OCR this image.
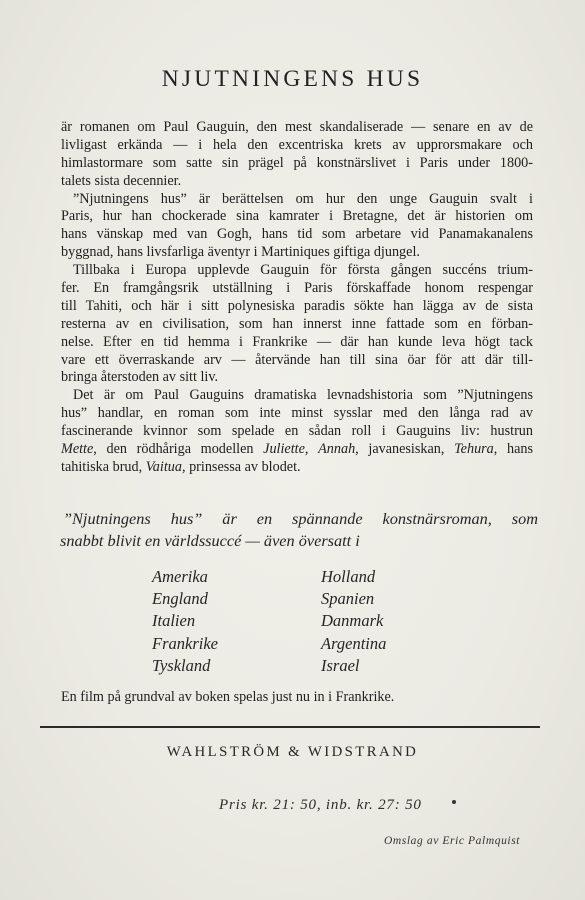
NJUTNINGENS HUS
är romanen om Paul Gauguin, den mest skandaliserade — senare en av de
livligast erkända — i hela den excentriska krets av upprorsmakare och
himlastormare som satte sin prägel på konstnärslivet i Paris under 1800-
talets sista decennier.
”Njutningens hus” är berättelsen om hur den unge Gauguin svalt i
Paris, hur han chockerade sina kamrater i Bretagne, det är historien om
hans vänskap med van Gogh, hans tid som arbetare vid Panamakanalens
byggnad, hans livsfarliga äventyr i Martiniques giftiga djungel.
Tillbaka i Europa upplevde Gauguin för första gången succéns trium-
fer. En framgångsrik utställning i Paris förskaffade honom respengar
till Tahiti, och här i sitt polynesiska paradis sökte han lägga av de sista
resterna av en civilisation, som han innerst inne fattade som en förban-
nelse. Efter en tid hemma i Frankrike — där han kunde leva högt tack
vare ett överraskande arv — återvände han till sina öar för att där till-
bringa återstoden av sitt liv.
Det är om Paul Gauguins dramatiska levnadshistoria som ”Njutningens
hus” handlar, en roman som inte minst sysslar med den långa rad av
fascinerande kvinnor som spelade en sådan roll i Gauguins liv: hustrun
Mette, den rödhåriga modellen Juliette, Annah, javanesiskan, Tehura, hans
tahitiska brud, Vaitua, prinsessa av blodet.
”Njutningens hus” är en spännande konstnärsroman, som
snabbt blivit en världssuccé — även översatt i
Amerika
England
Italien
Frankrike
Tyskland
Holland
Spanien
Danmark
Argentina
Israel
En film på grundval av boken spelas just nu in i Frankrike.
WAHLSTRÖM & WIDSTRAND
Pris kr. 21: 50, inb. kr. 27: 50
Omslag av Eric Palmquist
